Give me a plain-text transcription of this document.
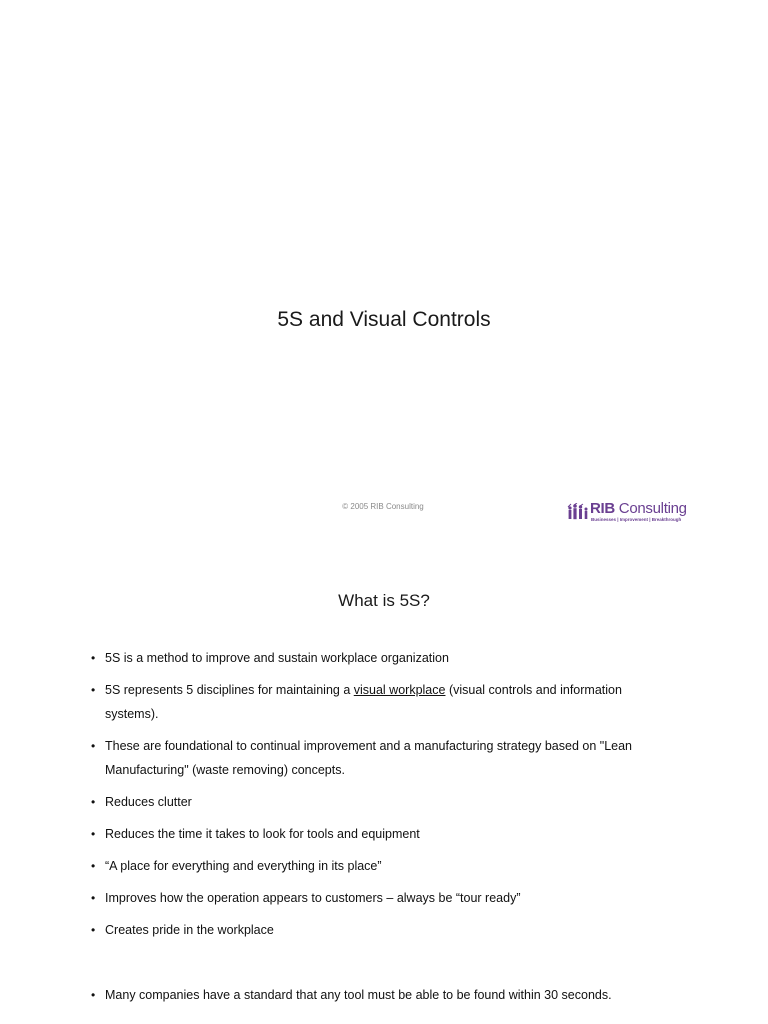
5S and Visual Controls
© 2005 RIB Consulting	RIB Consulting
Businesses | Improvement | Breakthrough
What is 5S?
• 5S is a method to improve and sustain workplace organization
• 5S represents 5 disciplines for maintaining a visual workplace (visual controls and information systems).
• These are foundational to continual improvement and a manufacturing strategy based on "Lean Manufacturing" (waste removing) concepts.
• Reduces clutter
• Reduces the time it takes to look for tools and equipment
• “A place for everything and everything in its place”
• Improves how the operation appears to customers – always be “tour ready”
• Creates pride in the workplace
• Many companies have a standard that any tool must be able to be found within 30 seconds.
